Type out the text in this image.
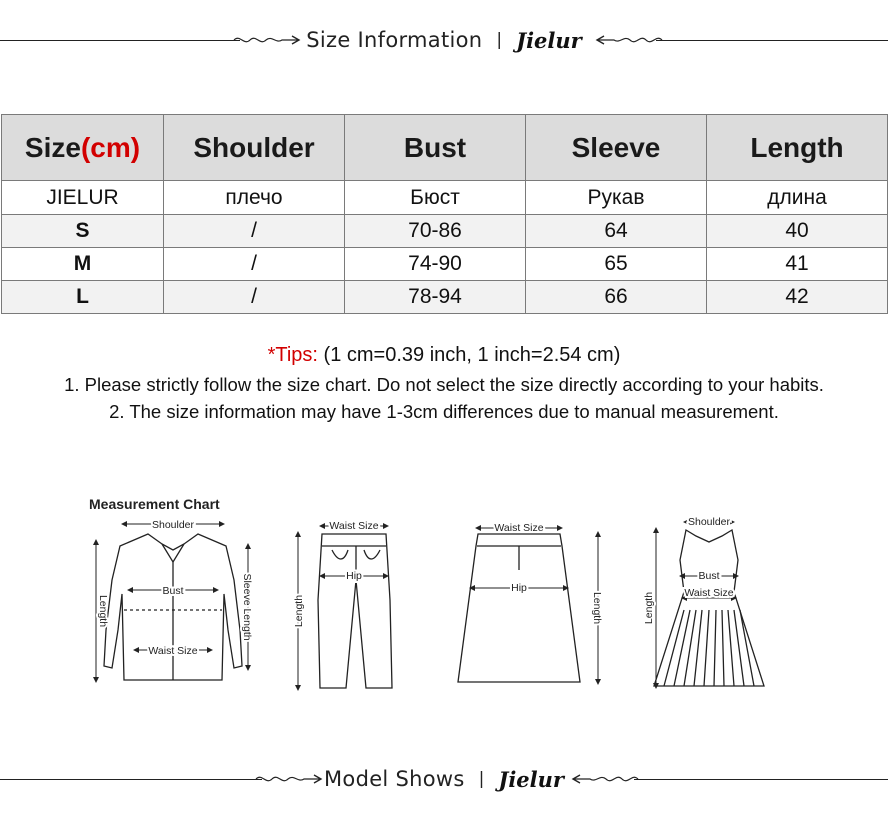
Size Information | Jielur
Size(cm)	Shoulder	Bust	Sleeve	Length
JIELUR	плечо	Бюст	Рукав	длина
S	/	70-86	64	40
M	/	74-90	65	41
L	/	78-94	66	42
*Tips: (1 cm=0.39 inch, 1 inch=2.54 cm)
1. Please strictly follow the size chart. Do not select the size directly according to your habits.
2. The size information may have 1-3cm differences due to manual measurement.
Measurement Chart
Shoulder
Bust
Waist Size
Length	Sleeve Length
Waist Size
Hip
Length
Waist Size
Hip
Length
Shoulder
Bust
Waist Size
Length
Model Shows | Jielur
